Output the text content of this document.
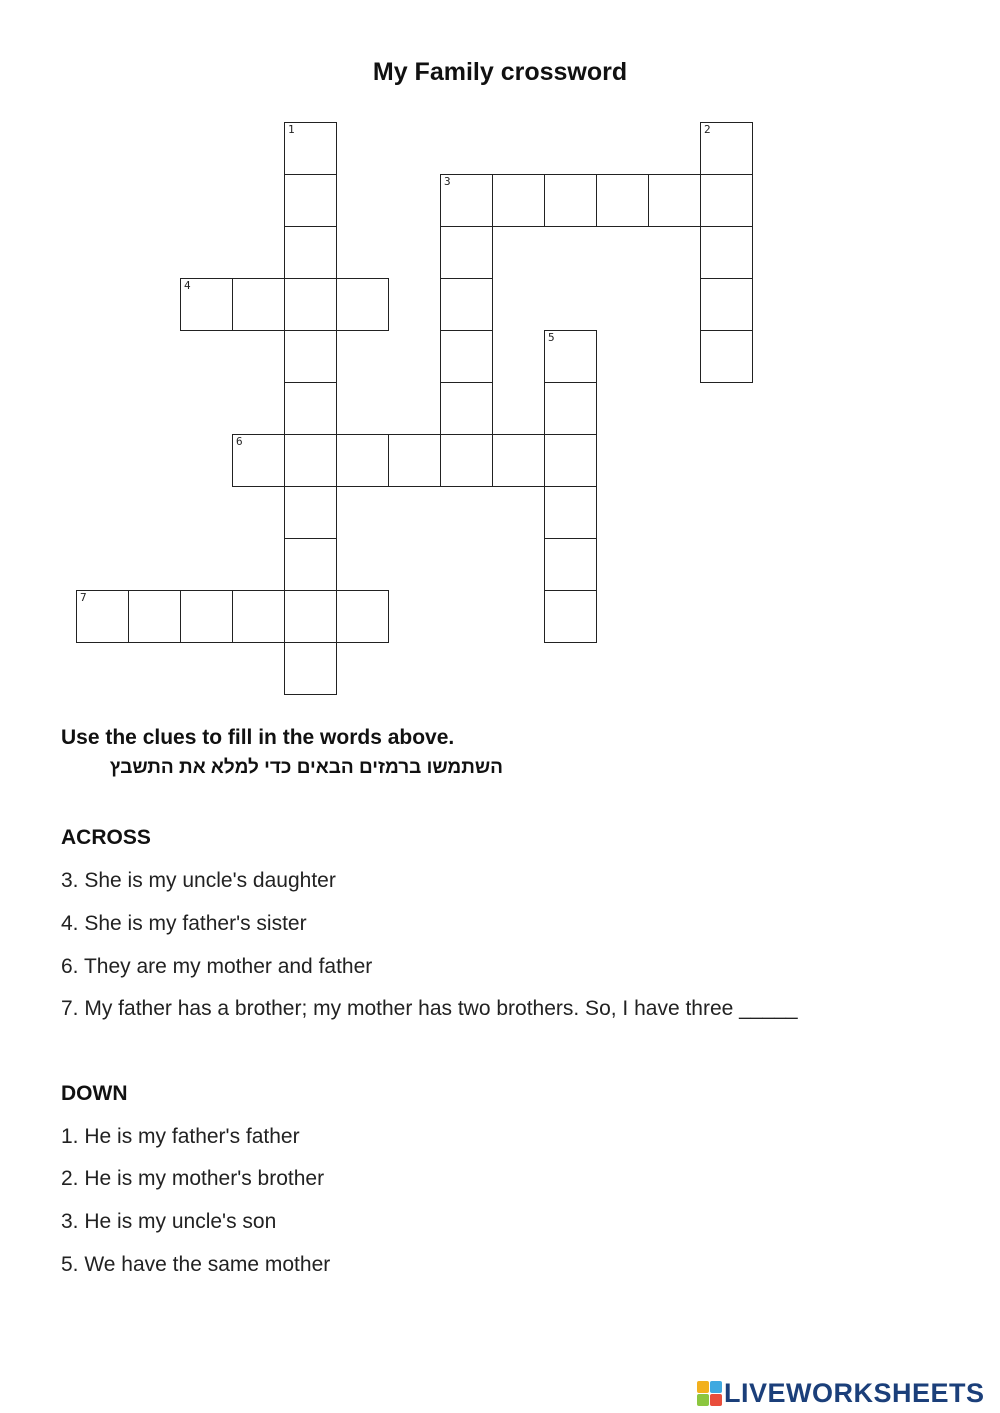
My Family crossword
1	2
3
4
5
6
7
Use the clues to fill in the words above.
השתמשו ברמזים הבאים כדי למלא את התשבץ
ACROSS
3. She is my uncle's daughter
4. She is my father's sister
6. They are my mother and father
7. My father has a brother; my mother has two brothers. So, I have three _____
DOWN
1. He is my father's father
2. He is my mother's brother
3. He is my uncle's son
5. We have the same mother
LIVEWORKSHEETS
